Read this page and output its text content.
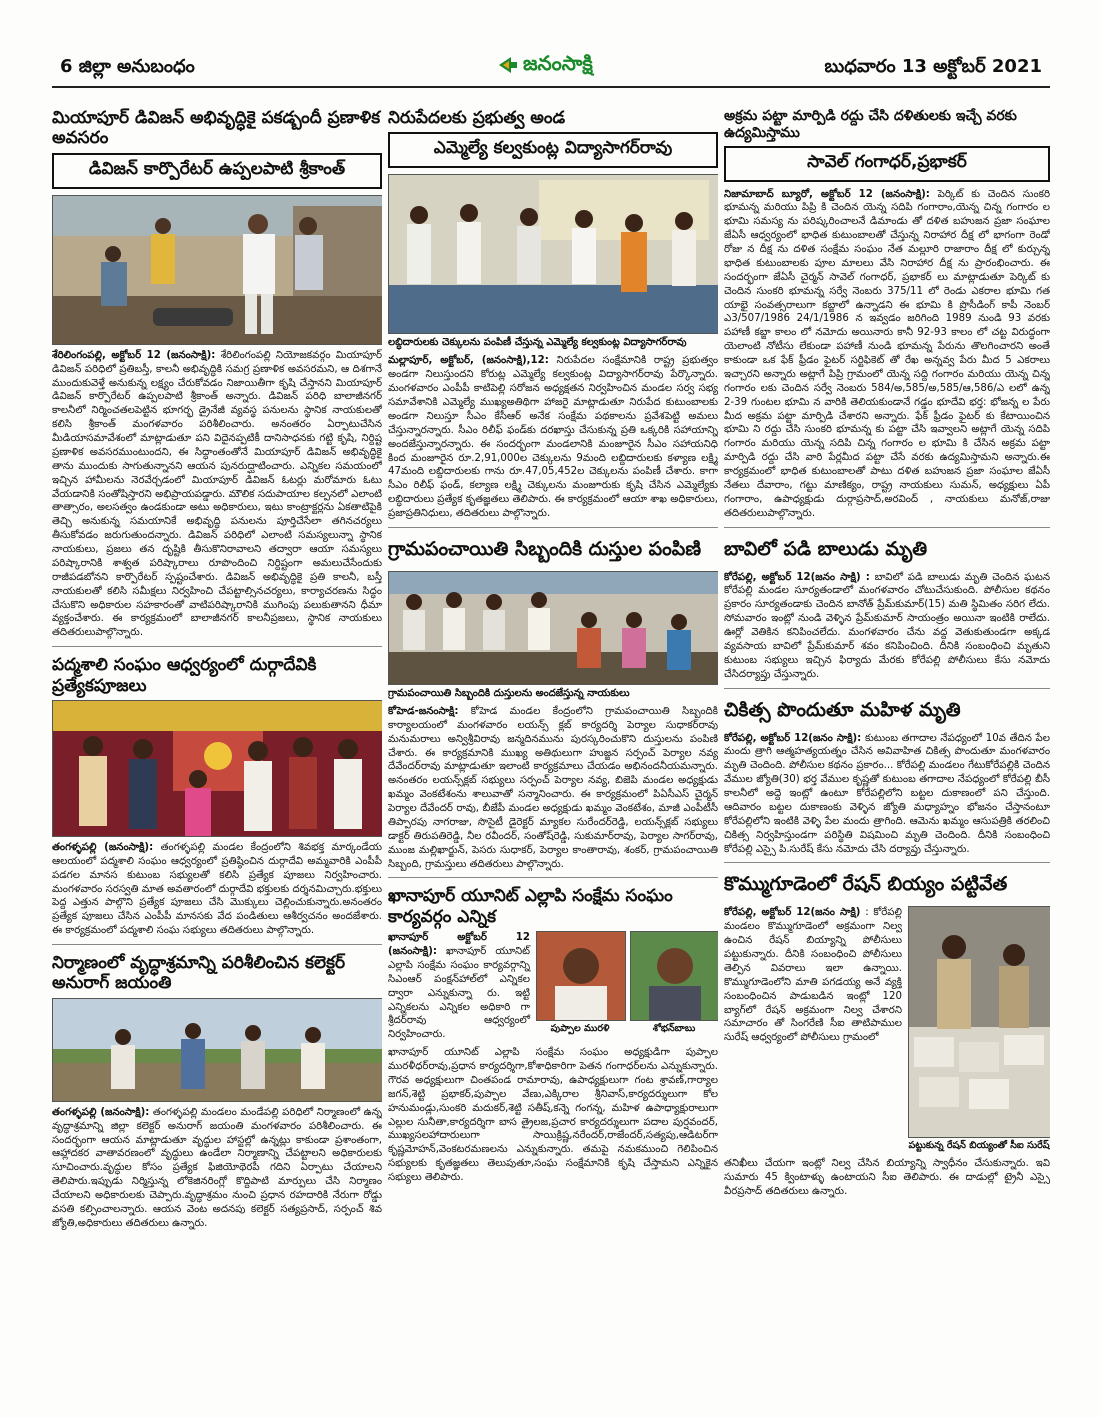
6 జిల్లా అనుబంధం	జనంసాక్షి	బుధవారం 13 అక్టోబర్ 2021
మియాపూర్ డివిజన్ అభివృద్ధికై పకడ్బందీ ప్రణాళిక అవసరం
డివిజన్ కార్పొరేటర్ ఉప్పలపాటి శ్రీకాంత్
శేరిలింగంపల్లి, అక్టోబర్ 12 (జనంసాక్షి): శేరిలింగంపల్లి నియోజకవర్గం మియాపూర్ డివిజన్ పరిధిలో ప్రతిబస్తీ, కాలనీ అభివృద్ధికి సమగ్ర ప్రణాళిక అవసరమని, ఆ దిశగానే ముందుకువెళ్తే అనుకున్న లక్ష్యం చేరుకోవడం నిజాయితీగా కృషి చేస్తానని మియాపూర్ డివిజన్ కార్పొరేటర్ ఉప్పలపాటి శ్రీకాంత్ అన్నారు. డివిజన్ పరిధి బాలాజీనగర్ కాలనీలో నిర్మించతలపెట్టిన భూగర్భ డ్రైనేజీ వ్యవస్థ పనులను స్థానిక నాయకులతో కలిసి శ్రీకాంత్ మంగళవారం పరిశీలించారు. అనంతరం ఏర్పాటుచేసిన మీడియాసమావేశంలో మాట్లాడుతూ పని విదైనప్పటికీ దానిసాధనకు గట్టి కృషి, నిర్దిష్ట ప్రణాళిక అవసరముంటుందని, ఈ సిద్ధాంతంతోనే మియాపూర్ డివిజన్ అభివృద్ధికై తాను ముందుకు సాగుతున్నానని ఆయన పునరుద్ఘాటించారు. ఎన్నికల సమయంలో ఇచ్చిన హామీలను నెరవేర్చడంలో మియాపూర్ డివిజన్ ఓటర్లు మరోమారు ఓటు వేయడానికి సంతోషిస్తారని అభిప్రాయపడ్డారు. మౌలిక సదుపాయాల కల్పనలో ఎలాంటి తాత్సారం, అలసత్వం ఉండకుండా అటు అధికారులు, ఇటు కాంట్రాక్టర్లను ఏకతాటిపైకి తెచ్చి అనుకున్న సమయానికే అభివృద్ధి పనులను పూర్తిచేసేలా తగినచర్యలు తీసుకోవడం జరుగుతుందన్నారు. డివిజన్ పరిధిలో ఎలాంటి సమస్యలున్నా స్థానిక నాయకులు, ప్రజలు తన దృష్టికి తీసుకొనిరావాలని తద్వారా ఆయా సమస్యలు పరిష్కారానికి శాశ్వత పరిష్కారాలు రూపొందించి నిర్దిష్టంగా అమలుచేసేందుకు రాజీపడబోనని కార్పొరేటర్ స్పష్టంచేశారు. డివిజన్ అభివృద్ధికై ప్రతి కాలనీ, బస్తీ నాయకులతో కలిసి సమీక్షలు నిర్వహించి చేపట్టాల్సినచర్యలు, కార్యాచరణను సిద్ధం చేసుకొని అధికారుల సహకారంతో వాటిపరిష్కారానికి ముగింపు పలుకుతానని ధీమా వ్యక్తంచేశారు. ఈ కార్యక్రమంలో బాలాజీనగర్ కాలనీప్రజలు, స్థానిక నాయకులు తదితరులుపాల్గొన్నారు.
పద్మశాలి సంఘం ఆధ్వర్యంలో దుర్గాదేవికి ప్రత్యేకపూజలు
తంగళ్ళపల్లి (జనంసాక్షి): తంగళ్ళపల్లి మండల కేంద్రంలోని శివభక్త మార్కండేయ ఆలయంలో పద్మశాలి సంఘం ఆధ్వర్యంలో ప్రతిష్ఠించిన దుర్గాదేవి అమ్మవారికి ఎంపీపీ పడగల మానస కుటుంబ సభ్యులతో కలిసి ప్రత్యేక పూజలు నిర్వహించారు. మంగళవారం సరస్వతి మాత అవతారంలో దుర్గాదేవి భక్తులకు దర్శనమిచ్చారు.భక్తులు పెద్ద ఎత్తున పాల్గొని ప్రత్యేక పూజలు చేసి మొక్కులు చెల్లించుకున్నారు.అనంతరం ప్రత్యేక పూజలు చేసిన ఎంపీపీ మానసకు వేద పండితులు ఆశీర్వచనం అందజేశారు. ఈ కార్యక్రమంలో పద్మశాలి సంఘ సభ్యులు తదితరులు పాల్గొన్నారు.
నిర్మాణంలో వృద్ధాశ్రమాన్ని పరిశీలించిన కలెక్టర్ అనురాగ్ జయంతి
తంగళ్ళపల్లి (జనంసాక్షి): తంగళ్ళపల్లి మండలం మండేపల్లి పరిధిలో నిర్మాణంలో ఉన్న వృద్ధాశ్రమాన్ని జిల్లా కలెక్టర్ అనురాగ్ జయంతి మంగళవారం పరిశీలించారు. ఈ సందర్భంగా ఆయన మాట్లాడుతూ వృద్ధుల హాస్టల్లో ఉన్నట్లు కాకుండా ప్రశాంతంగా, ఆహ్లాదకర వాతావరణంలో వృద్ధులు ఉండేలా నిర్మాణాన్ని చేపట్టాలని అధికారులకు సూచించారు.వృద్ధుల కోసం ప్రత్యేక ఫిజియోథెరపీ గదిని ఏర్పాటు చేయాలని తెలిపారు.ఇప్పుడు నిర్మిస్తున్న లోకెజినరింగ్లో కొద్దిపాటి మార్పులు చేసి నిర్మాణం చేయాలని అధికారులకు చెప్పారు.వృద్ధాశ్రమం నుంచి ప్రధాన రహదారికి నేరుగా రోడ్డు వసతి కల్పించాలన్నారు. ఆయన వెంట అదనపు కలెక్టర్ సత్యప్రసాద్, సర్పంచ్ శివ జ్యోతి,అధికారులు తదితరులు ఉన్నారు.
నిరుపేదలకు ప్రభుత్వ అండ
ఎమ్మెల్యే కల్వకుంట్ల విద్యాసాగర్‌రావు
లబ్ధిదారులకు చెక్కులను పంపిణీ చేస్తున్న ఎమ్మెల్యే కల్వకుంట్ల విద్యాసాగర్‌రావు
మల్లాపూర్, అక్టోబర్, (జనంసాక్షి),12: నిరుపేదల సంక్షేమానికి రాష్ట్ర ప్రభుత్వం అండగా నిలుస్తుందని కోరుట్ల ఎమ్మెల్యే కల్వకుంట్ల విద్యాసాగర్‌రావు పేర్కొన్నారు. మంగళవారం ఎంపీపీ కాటిపెల్లి సరోజన అధ్యక్షతన నిర్వహించిన మండల సర్వ సభ్య సమావేశానికి ఎమ్మెల్యే ముఖ్యఅతిథిగా హాజరై మాట్లాడుతూ నిరుపేద కుటుంబాలకు అండగా నిలుస్తూ సీఎం కేసీఆర్ అనేక సంక్షేమ పథకాలను ప్రవేశపెట్టి అమలు చేస్తున్నారన్నారు. సీఎం రిలీఫ్ ఫండ్‌కు దరఖాస్తు చేసుకున్న ప్రతి ఒక్కరికి సహాయాన్ని అందజేస్తున్నారన్నారు. ఈ సందర్భంగా మండలానికి మంజూరైన సీఎం సహాయనిధి కింద మంజూరైన రూ.2,91,000ల చెక్కులను 9మంది లబ్దిదారులకు కళ్యాణ లక్ష్మి 47మంది లబ్దిదారులకు గాను రూ.47,05,452ల చెక్కులను పంపిణీ చేశారు. కాగా సీఎం రిలీఫ్ ఫండ్, కల్యాణ లక్ష్మి చెక్కులను మంజూరుకు కృషి చేసిన ఎమ్మెల్యేకు లబ్ధిదారులు ప్రత్యేక కృతజ్ఞతలు తెలిపారు. ఈ కార్యక్రమంలో ఆయా శాఖ అధికారులు, ప్రజాప్రతినిధులు, తదితరులు పాల్గొన్నారు.
గ్రామపంచాయితి సిబ్బందికి దుస్తుల పంపిణి
గ్రామపంచాయితి సిబ్బందికి దుస్తులను అందజేస్తున్న నాయకులు
కోహెడ-జనంసాక్షి: కోహెడ మండల కేంద్రంలోని గ్రామపంచాయితి సిబ్బందికి కార్యాలయంలో మంగళవారం లయన్స్ క్లబ్ కార్యదర్శి పెర్యాల సుధాకర్‌రావు మనుమరాలు అన్విశ్రీవిరావు జన్మదినమును పురస్కరించుకొని దుస్తులను పంపిణి చేశారు. ఈ కార్యక్రమానికి ముఖ్య అతిథులుగా హుజ్జన సర్పంచ్ పెర్యాల నవ్య దేవేందర్‌రావు మాట్లాడుతూ ఇలాంటి కార్యక్రమాలు చేయడం అభినందనీయమన్నారు. అనంతరం లయన్స్‌క్లబ్ సభ్యులు సర్పంచ్ పెర్యాల నవ్య, బిజెపి మండల అధ్యక్షుడు ఖమ్మం వెంకటేశంను శాలువాతో సన్మానించారు. ఈ కార్యక్రమంలో పిఏసీఎస్ చైర్మన్ పెర్యాల దేవేందర్ రావు, బీజేపీ మండల అధ్యక్షుడు ఖమ్మం వెంకటేశం, మాజీ ఎంపీటీసీ తిప్పారపు నాగరాజు, సొసైటీ డైరెక్టర్ మ్యాకల సురేందర్‌రెడ్డి, లయన్స్‌క్లబ్ సభ్యులు డాక్టర్ తిరుపతిరెడ్డి, నీల రవీందర్, సంతోష్‌రెడ్డి, సుకుమార్‌రావు, పెర్యాల సాగర్‌రావు, ముంజ మల్లిఖార్జున్, పెసరు సుధాకర్, పెర్యాల కాంతారావు, శంకర్, గ్రామపంచాయితి సిబ్బంది, గ్రామస్తులు తదితరులు పాల్గొన్నారు.
ఖానాపూర్ యూనిట్ ఎల్లాపి సంక్షేమ సంఘం కార్యవర్గం ఎన్నిక
ఖానాపూర్ అక్టోబర్ 12 (జనంసాక్షి): ఖానాపూర్ యూనిట్ ఎల్లాపి సంక్షేమ సంఘం కార్యవర్గాన్ని సిఎంఆర్ పంక్షన్‌హాల్‌లో ఎన్నికల ద్వారా ఎన్నుకున్నా రు. ఇట్టి ఎన్నికలను ఎన్నికల అధికారి గా శ్రీదర్‌రావు ఆధ్వర్యంలో నిర్వహించారు.
పుప్పాల మురళి	శోభన్‌బాబు
ఖానాపూర్ యూనిట్ ఎల్లాపి సంక్షేమ సంఘం అధ్యక్షుడిగా పుప్పాల మురళీధర్‌రావు,ప్రధాన కార్యదర్శిగా,కోశాధికారిగా పెతన గంగాధర్‌లను ఎన్నుకున్నారు. గౌరవ అధ్యక్షులుగా చింతపండ రామారావు, ఉపాధ్యక్షులుగా గంట శ్రావణ్,గార్యాల జగన్,శెట్టి ప్రభాకర్,పుప్పాల వేణు,ఎక్కిరాల శ్రీనివాస్,కార్యదర్శులుగా కోల హనుమండ్లు,సుంకరి మదుకర్,శెట్టి సతీష్,కన్నె గంగన్న, మహిళ ఉపాధ్యాక్షురాలుగా ఎల్లుల సునీతా,కార్యదర్శిగా బాస త్రైలజ,ప్రచార కార్యదర్శులుగా పదాల పుర్షవందర్, ముఖ్యసలహాదారులుగా సాయిక్రిష్ణ,నరేందర్,రాజేందర్,సత్యపు,ఆడిటర్‌గా కృష్ణమోహన్,వెంకటరమణలను ఎన్నుకున్నారు. తమపై నమకముంచి గెలిపించిన సభ్యులకు కృతజ్ఞతలు తెలుపుతూ,సంఘ సంక్షేమానికి కృషి చేస్తామని ఎన్నికైన సభ్యులు తెలిపారు.
అక్రమ పట్టా మార్పిడి రద్దు చేసి దళితులకు ఇచ్చే వరకు ఉద్యమిస్తాము
సావెల్ గంగాధర్,ప్రభాకర్
నిజామాబాద్ బ్యూరో, అక్టోబర్ 12 (జనంసాక్షి): పెర్కిట్ కు చెందిన సుంకరి భూమన్న మరియు పిప్రి కి చెందిన యెన్న సదిపి గంగారాం,యెన్న చిన్న గంగారం ల భూమి సమస్య ను పరిష్కరించాలనే డిమాండు తో దళిత బహుజన ప్రజా సంఘాల జేఏసీ ఆధ్వర్యంలో భాధిత కుటుంబాలతో చేస్తున్న నిరాహార దీక్ష లో భాగంగా రెండో రోజు న దీక్ష ను దళిత సంక్షేమ సంఘం నేత మల్లూరి రాజారాం దీక్ష లో కుర్చున్న భాధిత కుటుంబాలకు పూల మాలలు వేసి నిరాహార దీక్ష ను ప్రారంభించారు. ఈ సందర్భంగా జేఏసీ చైర్మన్ సావెల్ గంగాధర్, ప్రభాకర్ లు మాట్లాడుతూ పెర్కిట్ కు చెందిన సుంకరి భూమన్న సర్వే నెంబరు 375/11 లో రెండు ఎకరాల భూమి గత యాభై సంవత్సరాలుగా కబ్జాలో ఉన్నాడని ఈ భూమి కి ప్రొసీడింగ్ కాపీ నెంబర్ ఎ3/507/1986 24/1/1986 న ఇవ్వడం జరిగింది 1989 నుండి 93 వరకు పహాణీ కబ్జా కాలం లో నమోదు అయినారు కానీ 92-93 కాలం లో చట్ట విరుద్ధంగా యెలాంటి నోటీసు లేకుండా పహాణీ నుండి భూమన్న పేరును తొలగించారని అంతే కాకుండా ఒక ఫేక్ ఫ్రీడం ఫైటర్ సర్టిఫికెట్ తో రేఖ అన్నవ్వ పేరు మీద 5 ఎకరాలు ఇచ్చారని అన్నారు అట్లాగే పిప్రి గ్రామంలో యెన్న సద్ది గంగారం మరియు యెన్న చిన్న గంగారం లకు చెందిన సర్వే నెంబరు 584/అ,585/అ,585/ఆ,586/ఎ లలో ఉన్న 2-39 గుంటల భూమి న వారికి తెలియకుండానే గడ్డం భూదేవి భర్త: భోజన్న ల పేరు మీద అక్రమ పట్టా మార్పిడి చేశారని అన్నారు. ఫేక్ ఫ్రీడం ఫైటర్ కు కేటాయించిన భూమి ని రద్దు చేసి సుంకరి భూమన్న కు పట్టా చేసి ఇవ్వాలని అట్లాగే యెన్న సదిపి గంగారం మరియు యెన్న సదిపి చిన్న గంగారం ల భూమి కి చేసిన అక్రమ పట్టా మార్పిడి రద్దు చేసి వారి పేర్లమీద పట్టా చేసే వరకు ఉద్యమిస్తామని అన్నారు.ఈ కార్యక్రమంలో భాధిత కుటుంబాలతో పాటు దళిత బహుజన ప్రజా సంఘాల జేఏసీ నేతలు దేవారాం, గట్టు మాణిక్యం, రాష్ట్ర నాయకులు సుమన్, అధ్యక్షులు ఏపీ గంగారాం, ఉపాధ్యక్షుడు దుర్గాప్రసాద్,అరవింద్ , నాయకులు మనోజ్,రాజు తదితరులుపాల్గొన్నారు.
బావిలో పడి బాలుడు మృతి
కోరేపల్లి, అక్టోబర్ 12(జనం సాక్షి) : బావిలో పడి బాలుడు మృతి చెందిన ఘటన కోరేపల్లి మండల సూర్యతండాలో మంగళవారం చోటుచేసుకుంది. పోలీసుల కథనం ప్రకారం సూర్యతండాకు చెందిన బానోత్ ప్రేమ్‌కుమార్(15) మతి స్థిమితం సరిగ లేదు. సోమవారం ఇంట్లో నుండి వెళ్ళిన ప్రేమ్‌కుమార్ సాయంత్రం అయినా ఇంటికి రాలేదు. ఊర్లో వెతికిన కనిపించలేదు. మంగళవారం చేను వద్ద వెతుకుతుండగా అక్కడ వ్యవసాయ బావిలో ప్రేమ్‌కుమార్ శవం కనిపించింది. దీనికి సంబంధించి మృతుని కుటుంబ సభ్యులు ఇచ్చిన ఫిర్యాదు మేరకు కోరేపల్లి పోలీసులు కేసు నమోదు చేసిదర్యాప్తు చేస్తున్నారు.
చికిత్స పొందుతూ మహిళ మృతి
కోరేపల్లి, అక్టోబర్ 12(జనం సాక్షి): కుటుంబ తగాదాల నేపధ్యంలో 10వ తేదిన పేల మందు త్రాగి ఆత్మహత్యయత్నం చేసిన అవివాహిత చికిత్స పొందుతూ మంగళవారం మృతి చెందింది. పోలీసుల కథనం ప్రకారం... కోరేపల్లి మండలం గేటుకోరేపల్లికి చెందిన వేముల జ్యోతి(30) భర్త వేముల కృష్ణతో కుటుంబ తగాదాల నేపధ్యంలో కోరేపల్లి బీసీ కాలనీలో అద్దె ఇంట్లో ఉంటూ కోరేపల్లిలోని బట్టల దుకాణంలో పని చేస్తుంది. ఆదివారం బట్టల దుకాణంకు వెళ్ళిన జ్యోతి మధ్యాహ్నం భోజనం చేస్తానంటూ కోరేపల్లిలోని ఇంటికి వెళ్ళి పేల మందు త్రాగింది. ఆమెను ఖమ్మం ఆసుపత్రికి తరలించి చికిత్స నిర్వహిస్తుండగా పరిస్థితి విషమించి మృతి చెందింది. దీనికి సంబంధించి కోరేపల్లి ఎస్సై పి.సురేష్ కేసు నమోదు చేసి దర్యాప్తు చేస్తున్నారు.
కొమ్ముగూడెంలో రేషన్ బియ్యం పట్టివేత
కోరేపల్లి, అక్టోబర్ 12(జనం సాక్షి) : కోరేపల్లి మండలం కొమ్ముగూడెంలో అక్రమంగా నిల్వ ఉంచిన రేషన్ బియ్యాన్ని పోలీసులు పట్టుకున్నారు. దీనికి సంబంధించి పోలీసులు తెల్పిన వివరాలు ఇలా ఉన్నాయి. కొమ్ముగూడెంలోని మాతి పగడయ్య అనే వ్యక్తి సంబంధించిన పాడుబడిన ఇంట్లో 120 బ్యాగ్‌లో రేషన్ అక్రమంగా నిల్వ చేశారని సమాచారం తో సింగరేణి సీఐ తాటిపాముల సురేష్ ఆధ్వర్యంలో పోలీసులు గ్రామంలో
పట్టుకున్న రేషన్ బియ్యంతో సీఐ సురేష్
తనిఖీలు చేయగా ఇంట్లో నిల్వ చేసిన బియ్యాన్ని స్వాధీనం చేసుకున్నారు. ఇవి సుమారు 45 క్వింటాళ్ళు ఉంటాయని సీఐ తెలిపారు. ఈ దాడుల్లో ట్రైనీ ఎస్సై వీరప్రసాద్ తదితరులు ఉన్నారు.
